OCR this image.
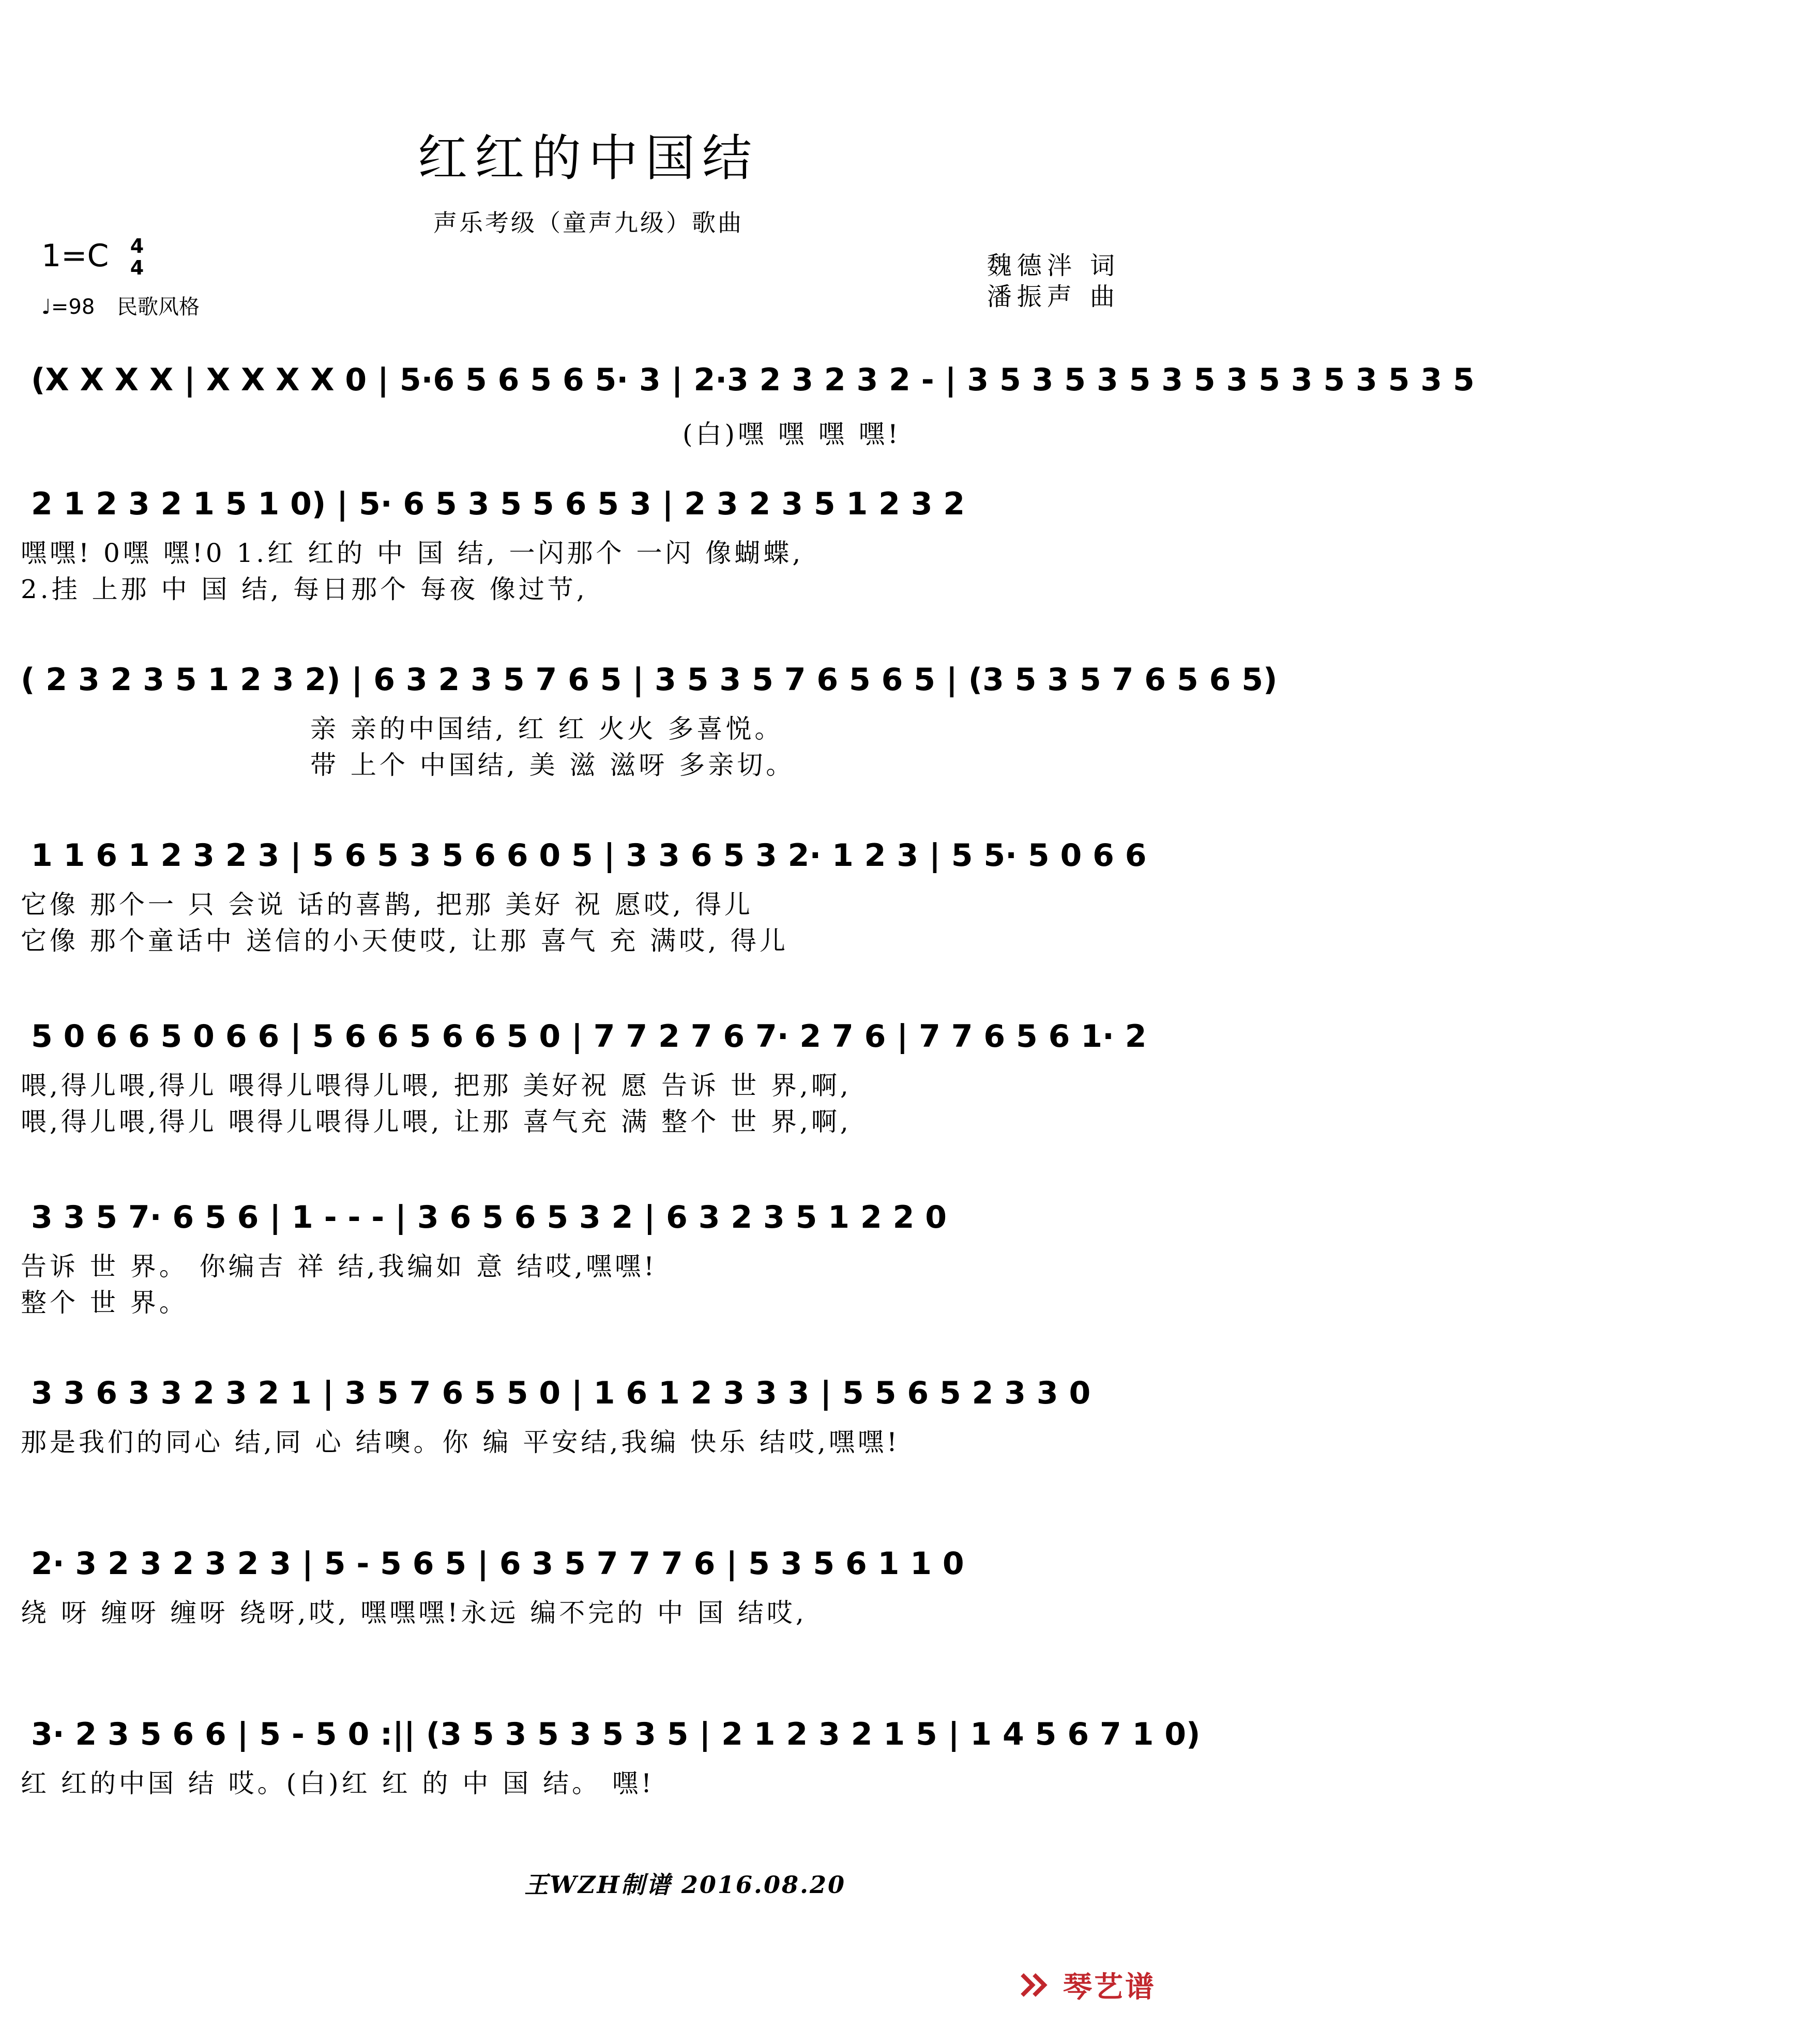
红红的中国结
声乐考级（童声九级）歌曲
1=C	4
4
♩=98 民歌风格
魏德泮 词
潘振声 曲
(X X X X | X X X X 0 | 5·6 5 6 5 6 5· 3 | 2·3 2 3 2 3 2 - | 3 5 3 5 3 5 3 5 3 5 3 5 3 5 3 5
(白)嘿 嘿 嘿 嘿!
2 1 2 3 2 1 5 1 0) | 5· 6 5 3 5 5 6 5 3 | 2 3 2 3 5 1 2 3 2
嘿嘿! 0嘿 嘿!0 1.红 红的 中 国 结, 一闪那个 一闪 像蝴蝶,
2.挂 上那 中 国 结, 每日那个 每夜 像过节,
( 2 3 2 3 5 1 2 3 2) | 6 3 2 3 5 7 6 5 | 3 5 3 5 7 6 5 6 5 | (3 5 3 5 7 6 5 6 5)
亲 亲的中国结, 红 红 火火 多喜悦。
带 上个 中国结, 美 滋 滋呀 多亲切。
1 1 6 1 2 3 2 3 | 5 6 5 3 5 6 6 0 5 | 3 3 6 5 3 2· 1 2 3 | 5 5· 5 0 6 6
它像 那个一 只 会说 话的喜鹊, 把那 美好 祝 愿哎, 得儿
它像 那个童话中 送信的小天使哎, 让那 喜气 充 满哎, 得儿
5 0 6 6 5 0 6 6 | 5 6 6 5 6 6 5 0 | 7 7 2 7 6 7· 2 7 6 | 7 7 6 5 6 1· 2
喂,得儿喂,得儿 喂得儿喂得儿喂, 把那 美好祝 愿 告诉 世 界,啊,
喂,得儿喂,得儿 喂得儿喂得儿喂, 让那 喜气充 满 整个 世 界,啊,
3 3 5 7· 6 5 6 | 1 - - - | 3 6 5 6 5 3 2 | 6 3 2 3 5 1 2 2 0
告诉 世 界。 你编吉 祥 结,我编如 意 结哎,嘿嘿!
整个 世 界。
3 3 6 3 3 2 3 2 1 | 3 5 7 6 5 5 0 | 1 6 1 2 3 3 3 | 5 5 6 5 2 3 3 0
那是我们的同心 结,同 心 结噢。你 编 平安结,我编 快乐 结哎,嘿嘿!
2· 3 2 3 2 3 2 3 | 5 - 5 6 5 | 6 3 5 7 7 7 6 | 5 3 5 6 1 1 0
绕 呀 缠呀 缠呀 绕呀,哎, 嘿嘿嘿!永远 编不完的 中 国 结哎,
3· 2 3 5 6 6 | 5 - 5 0 :|| (3 5 3 5 3 5 3 5 | 2 1 2 3 2 1 5 | 1 4 5 6 7 1 0)
红 红的中国 结 哎。(白)红 红 的 中 国 结。 嘿!
王WZH制谱 2016.08.20
琴艺谱
